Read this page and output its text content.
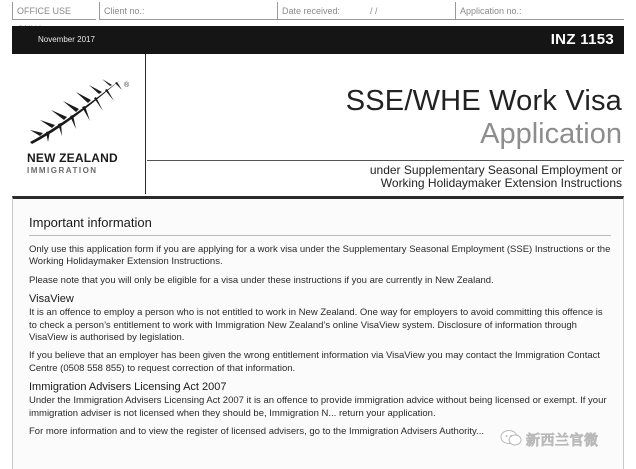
OFFICE USE	Client no.:	Date received:	/ /	Application no.:
November 2017	INZ 1153
®
NEW ZEALAND
IMMIGRATION
SSE/WHE Work Visa
Application
under Supplementary Seasonal Employment or
Working Holidaymaker Extension Instructions
Important information

Only use this application form if you are applying for a work visa under the Supplementary Seasonal Employment (SSE) Instructions or the Working Holidaymaker Extension Instructions.

Please note that you will only be eligible for a visa under these instructions if you are currently in New Zealand.

VisaView

It is an offence to employ a person who is not entitled to work in New Zealand. One way for employers to avoid committing this offence is to check a person’s entitlement to work with Immigration New Zealand’s online VisaView system. Disclosure of information through VisaView is authorised by legislation.

If you believe that an employer has been given the wrong entitlement information via VisaView you may contact the Immigration Contact Centre (0508 558 855) to request correction of that information.

Immigration Advisers Licensing Act 2007

Under the Immigration Advisers Licensing Act 2007 it is an offence to provide immigration advice without being licensed or exempt. If your immigration adviser is not licensed when they should be, Immigration N... return your application.

For more information and to view the register of licensed advisers, go to the Immigration Advisers Authority...

新西兰官微
